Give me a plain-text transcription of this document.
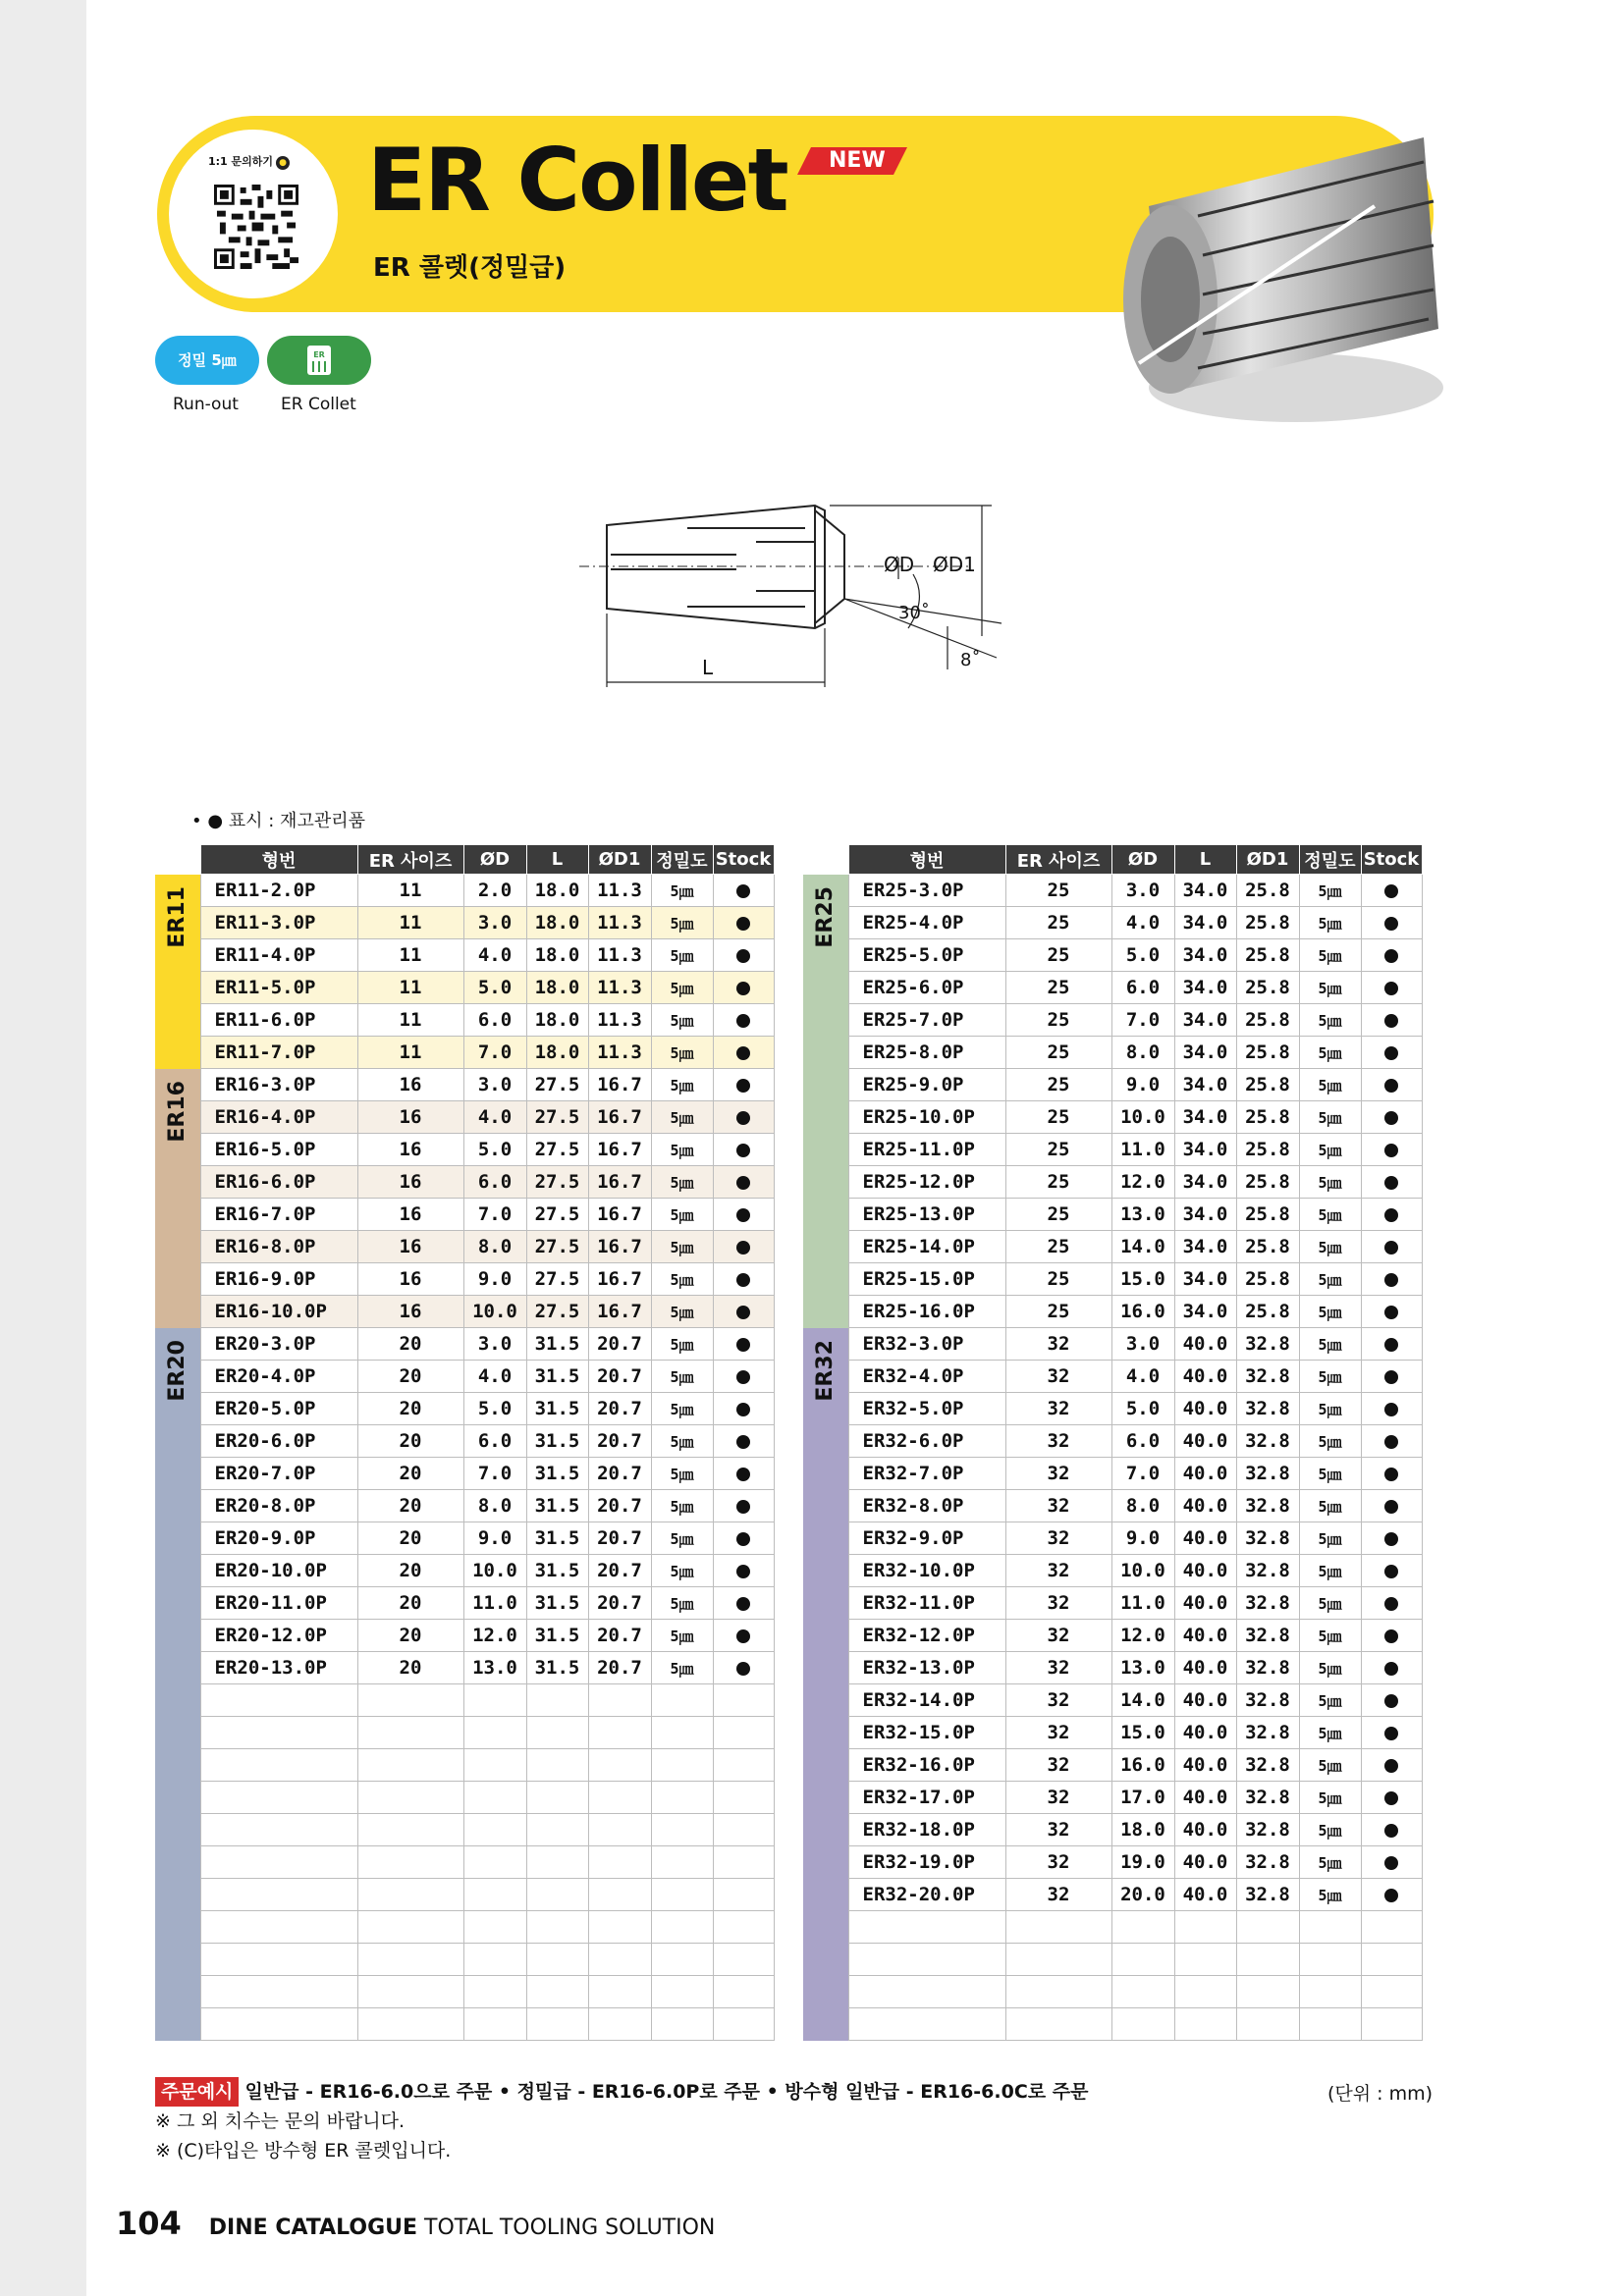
1:1 문의하기 ● ER Collet NEW
ER 콜렛(정밀급)
정밀 5㎛	ER
Run-out	ER Collet
ØD ØD1
L
30˚
8˚
• ● 표시 : 재고관리품
	형번	ER 사이즈	ØD	L	ØD1	정밀도	Stock
ER11	ER11-2.0P	11	2.0	18.0	11.3	5㎛	
	ER11-3.0P	11	3.0	18.0	11.3	5㎛	
	ER11-4.0P	11	4.0	18.0	11.3	5㎛	
	ER11-5.0P	11	5.0	18.0	11.3	5㎛	
	ER11-6.0P	11	6.0	18.0	11.3	5㎛	
	ER11-7.0P	11	7.0	18.0	11.3	5㎛	
ER16	ER16-3.0P	16	3.0	27.5	16.7	5㎛	
	ER16-4.0P	16	4.0	27.5	16.7	5㎛	
	ER16-5.0P	16	5.0	27.5	16.7	5㎛	
	ER16-6.0P	16	6.0	27.5	16.7	5㎛	
	ER16-7.0P	16	7.0	27.5	16.7	5㎛	
	ER16-8.0P	16	8.0	27.5	16.7	5㎛	
	ER16-9.0P	16	9.0	27.5	16.7	5㎛	
	ER16-10.0P	16	10.0	27.5	16.7	5㎛	
ER20	ER20-3.0P	20	3.0	31.5	20.7	5㎛	
	ER20-4.0P	20	4.0	31.5	20.7	5㎛	
	ER20-5.0P	20	5.0	31.5	20.7	5㎛	
	ER20-6.0P	20	6.0	31.5	20.7	5㎛	
	ER20-7.0P	20	7.0	31.5	20.7	5㎛	
	ER20-8.0P	20	8.0	31.5	20.7	5㎛	
	ER20-9.0P	20	9.0	31.5	20.7	5㎛	
	ER20-10.0P	20	10.0	31.5	20.7	5㎛	
	ER20-11.0P	20	11.0	31.5	20.7	5㎛	
	ER20-12.0P	20	12.0	31.5	20.7	5㎛	
	ER20-13.0P	20	13.0	31.5	20.7	5㎛	

	형번	ER 사이즈	ØD	L	ØD1	정밀도	Stock
ER25	ER25-3.0P	25	3.0	34.0	25.8	5㎛	
	ER25-4.0P	25	4.0	34.0	25.8	5㎛	
	ER25-5.0P	25	5.0	34.0	25.8	5㎛	
	ER25-6.0P	25	6.0	34.0	25.8	5㎛	
	ER25-7.0P	25	7.0	34.0	25.8	5㎛	
	ER25-8.0P	25	8.0	34.0	25.8	5㎛	
	ER25-9.0P	25	9.0	34.0	25.8	5㎛	
	ER25-10.0P	25	10.0	34.0	25.8	5㎛	
	ER25-11.0P	25	11.0	34.0	25.8	5㎛	
	ER25-12.0P	25	12.0	34.0	25.8	5㎛	
	ER25-13.0P	25	13.0	34.0	25.8	5㎛	
	ER25-14.0P	25	14.0	34.0	25.8	5㎛	
	ER25-15.0P	25	15.0	34.0	25.8	5㎛	
	ER25-16.0P	25	16.0	34.0	25.8	5㎛	
ER32	ER32-3.0P	32	3.0	40.0	32.8	5㎛	
	ER32-4.0P	32	4.0	40.0	32.8	5㎛	
	ER32-5.0P	32	5.0	40.0	32.8	5㎛	
	ER32-6.0P	32	6.0	40.0	32.8	5㎛	
	ER32-7.0P	32	7.0	40.0	32.8	5㎛	
	ER32-8.0P	32	8.0	40.0	32.8	5㎛	
	ER32-9.0P	32	9.0	40.0	32.8	5㎛	
	ER32-10.0P	32	10.0	40.0	32.8	5㎛	
	ER32-11.0P	32	11.0	40.0	32.8	5㎛	
	ER32-12.0P	32	12.0	40.0	32.8	5㎛	
	ER32-13.0P	32	13.0	40.0	32.8	5㎛	
	ER32-14.0P	32	14.0	40.0	32.8	5㎛	
	ER32-15.0P	32	15.0	40.0	32.8	5㎛	
	ER32-16.0P	32	16.0	40.0	32.8	5㎛	
	ER32-17.0P	32	17.0	40.0	32.8	5㎛	
	ER32-18.0P	32	18.0	40.0	32.8	5㎛	
	ER32-19.0P	32	19.0	40.0	32.8	5㎛	
	ER32-20.0P	32	20.0	40.0	32.8	5㎛	

주문예시 일반급 - ER16-6.0으로 주문 • 정밀급 - ER16-6.0P로 주문 • 방수형 일반급 - ER16-6.0C로 주문
※ 그 외 치수는 문의 바랍니다.
※ (C)타입은 방수형 ER 콜렛입니다.
(단위 : mm)
104 DINE CATALOGUE TOTAL TOOLING SOLUTION
